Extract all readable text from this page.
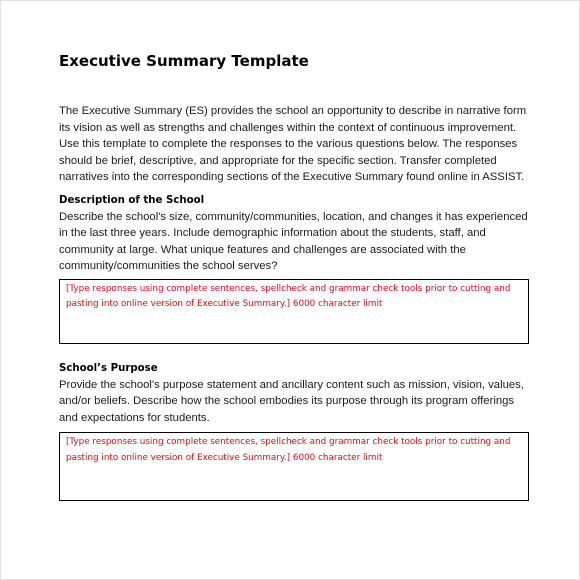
Executive Summary Template

The Executive Summary (ES) provides the school an opportunity to describe in narrative form its vision as well as strengths and challenges within the context of continuous improvement. Use this template to complete the responses to the various questions below. The responses should be brief, descriptive, and appropriate for the specific section. Transfer completed narratives into the corresponding sections of the Executive Summary found online in ASSIST.

Description of the School

Describe the school's size, community/communities, location, and changes it has experienced in the last three years. Include demographic information about the students, staff, and community at large. What unique features and challenges are associated with the community/communities the school serves?

[Type responses using complete sentences, spellcheck and grammar check tools prior to cutting and pasting into online version of Executive Summary.] 6000 character limit

School’s Purpose

Provide the school's purpose statement and ancillary content such as mission, vision, values, and/or beliefs. Describe how the school embodies its purpose through its program offerings and expectations for students.

[Type responses using complete sentences, spellcheck and grammar check tools prior to cutting and pasting into online version of Executive Summary.] 6000 character limit
